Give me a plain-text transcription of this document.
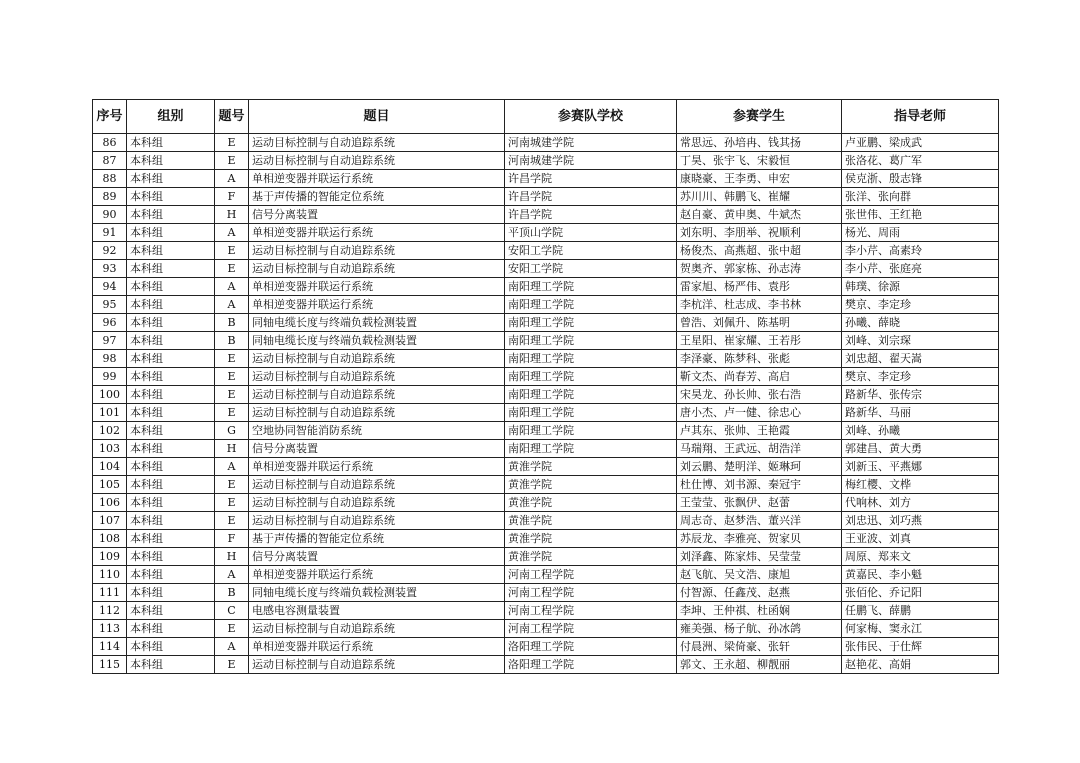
序号	组别	题号	题目	参赛队学校	参赛学生	指导老师
86	本科组	E	运动目标控制与自动追踪系统	河南城建学院	常思远、孙培冉、钱其扬	卢亚鹏、梁成武
87	本科组	E	运动目标控制与自动追踪系统	河南城建学院	丁昊、张宇飞、宋毅恒	张洛花、葛广军
88	本科组	A	单相逆变器并联运行系统	许昌学院	康晓豪、王李勇、申宏	侯克浙、殷志锋
89	本科组	F	基于声传播的智能定位系统	许昌学院	苏川川、韩鹏飞、崔耀	张洋、张向群
90	本科组	H	信号分离装置	许昌学院	赵自豪、黄申奥、牛斌杰	张世伟、王红艳
91	本科组	A	单相逆变器并联运行系统	平顶山学院	刘东明、李朋举、祝顺利	杨光、周雨
92	本科组	E	运动目标控制与自动追踪系统	安阳工学院	杨俊杰、高燕超、张中超	李小芹、高素玲
93	本科组	E	运动目标控制与自动追踪系统	安阳工学院	贺奥齐、郭家栋、孙志涛	李小芹、张庭亮
94	本科组	A	单相逆变器并联运行系统	南阳理工学院	雷家旭、杨严伟、袁彤	韩璞、徐源
95	本科组	A	单相逆变器并联运行系统	南阳理工学院	李杭洋、杜志成、李书林	樊京、李定珍
96	本科组	B	同轴电缆长度与终端负载检测装置	南阳理工学院	曾浩、刘佩升、陈基明	孙曦、薛晓
97	本科组	B	同轴电缆长度与终端负载检测装置	南阳理工学院	王星阳、崔家耀、王若彤	刘峰、刘宗琛
98	本科组	E	运动目标控制与自动追踪系统	南阳理工学院	李泽豪、陈梦科、张彪	刘忠超、翟天嵩
99	本科组	E	运动目标控制与自动追踪系统	南阳理工学院	靳文杰、尚春芳、高启	樊京、李定珍
100	本科组	E	运动目标控制与自动追踪系统	南阳理工学院	宋昊龙、孙长帅、张右浩	路新华、张传宗
101	本科组	E	运动目标控制与自动追踪系统	南阳理工学院	唐小杰、卢一健、徐忠心	路新华、马丽
102	本科组	G	空地协同智能消防系统	南阳理工学院	卢其东、张帅、王艳霞	刘峰、孙曦
103	本科组	H	信号分离装置	南阳理工学院	马瑞翔、王武远、胡浩洋	郭建昌、黄大勇
104	本科组	A	单相逆变器并联运行系统	黄淮学院	刘云鹏、楚明洋、姬琳珂	刘新玉、平燕娜
105	本科组	E	运动目标控制与自动追踪系统	黄淮学院	杜仕博、刘书源、秦冠宇	梅红樱、文桦
106	本科组	E	运动目标控制与自动追踪系统	黄淮学院	王莹莹、张飘伊、赵蕾	代响林、刘方
107	本科组	E	运动目标控制与自动追踪系统	黄淮学院	周志奇、赵梦浩、董兴洋	刘忠迅、刘巧燕
108	本科组	F	基于声传播的智能定位系统	黄淮学院	苏辰龙、李雅亮、贺家贝	王亚波、刘真
109	本科组	H	信号分离装置	黄淮学院	刘泽鑫、陈家炜、吴莹莹	周原、郑来文
110	本科组	A	单相逆变器并联运行系统	河南工程学院	赵飞航、吴文浩、康旭	黄嘉民、李小魁
111	本科组	B	同轴电缆长度与终端负载检测装置	河南工程学院	付智源、任鑫茂、赵燕	张佰伦、乔记阳
112	本科组	C	电感电容测量装置	河南工程学院	李坤、王仲祺、杜函娴	任鹏飞、薛鹏
113	本科组	E	运动目标控制与自动追踪系统	河南工程学院	雍美强、杨子航、孙冰鸽	何家梅、窦永江
114	本科组	A	单相逆变器并联运行系统	洛阳理工学院	付晨洲、梁倚豪、张轩	张伟民、于仕辉
115	本科组	E	运动目标控制与自动追踪系统	洛阳理工学院	郭文、王永超、柳靓丽	赵艳花、高娟
